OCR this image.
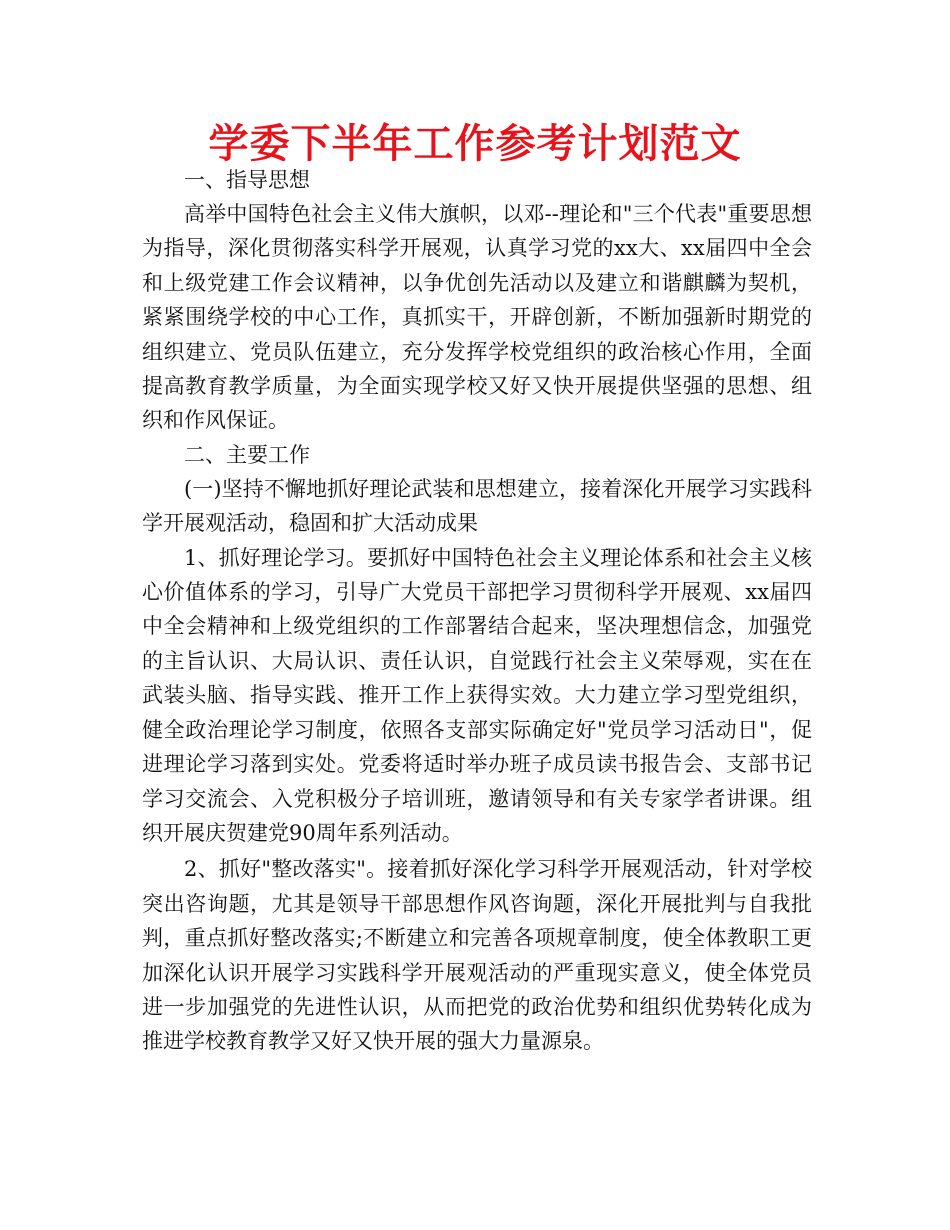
学委下半年工作参考计划范文

一、指导思想

高举中国特色社会主义伟大旗帜，以邓--理论和"三个代表"重要思想为指导，深化贯彻落实科学开展观，认真学习党的xx大、xx届四中全会和上级党建工作会议精神，以争优创先活动以及建立和谐麒麟为契机，紧紧围绕学校的中心工作，真抓实干，开辟创新，不断加强新时期党的组织建立、党员队伍建立，充分发挥学校党组织的政治核心作用，全面提高教育教学质量，为全面实现学校又好又快开展提供坚强的思想、组织和作风保证。

二、主要工作

(一)坚持不懈地抓好理论武装和思想建立，接着深化开展学习实践科学开展观活动，稳固和扩大活动成果

1、抓好理论学习。要抓好中国特色社会主义理论体系和社会主义核心价值体系的学习，引导广大党员干部把学习贯彻科学开展观、xx届四中全会精神和上级党组织的工作部署结合起来，坚决理想信念，加强党的主旨认识、大局认识、责任认识，自觉践行社会主义荣辱观，实在在武装头脑、指导实践、推开工作上获得实效。大力建立学习型党组织，健全政治理论学习制度，依照各支部实际确定好"党员学习活动日"，促进理论学习落到实处。党委将适时举办班子成员读书报告会、支部书记学习交流会、入党积极分子培训班，邀请领导和有关专家学者讲课。组织开展庆贺建党90周年系列活动。

2、抓好"整改落实"。接着抓好深化学习科学开展观活动，针对学校突出咨询题，尤其是领导干部思想作风咨询题，深化开展批判与自我批判，重点抓好整改落实;不断建立和完善各项规章制度，使全体教职工更加深化认识开展学习实践科学开展观活动的严重现实意义，使全体党员进一步加强党的先进性认识，从而把党的政治优势和组织优势转化成为推进学校教育教学又好又快开展的强大力量源泉。
